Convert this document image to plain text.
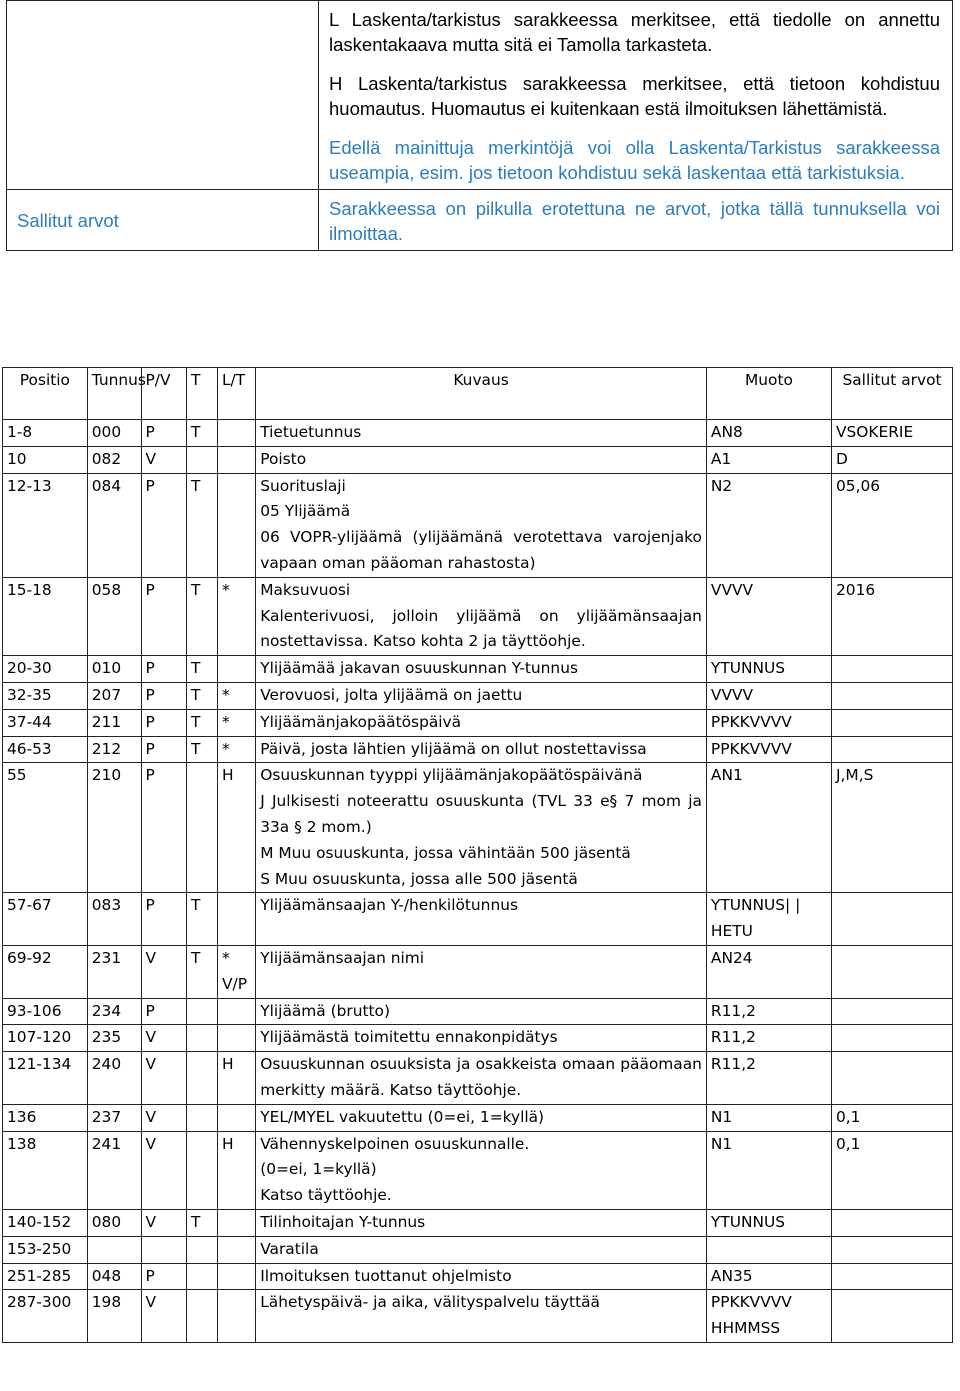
	L Laskenta/tarkistus sarakkeessa merkitsee, että tiedolle on annettu laskentakaava mutta sitä ei Tamolla tarkasteta.

H Laskenta/tarkistus sarakkeessa merkitsee, että tietoon kohdistuu huomautus. Huomautus ei kuitenkaan estä ilmoituksen lähettämistä.

Edellä mainittuja merkintöjä voi olla Laskenta/Tarkistus sarakkeessa useampia, esim. jos tietoon kohdistuu sekä laskentaa että tarkistuksia.

Sallitut arvot	Sarakkeessa on pilkulla erotettuna ne arvot, jotka tällä tunnuksella voi ilmoittaa.

Positio	Tunnus	P/V	T	L/T	Kuvaus	Muoto	Sallitut arvot
1-8	000	P	T		Tietuetunnus	AN8	VSOKERIE
10	082	V			Poisto	A1	D
12-13	084	P	T		Suorituslaji
05 Ylijäämä
06 VOPR-ylijäämä (ylijäämänä verotettava varojenjako vapaan oman pääoman rahastosta)	N2	05,06
15-18	058	P	T	*	Maksuvuosi
Kalenterivuosi, jolloin ylijäämä on ylijäämänsaajan nostettavissa. Katso kohta 2 ja täyttöohje.	VVVV	2016
20-30	010	P	T		Ylijäämää jakavan osuuskunnan Y-tunnus	YTUNNUS	
32-35	207	P	T	*	Verovuosi, jolta ylijäämä on jaettu	VVVV	
37-44	211	P	T	*	Ylijäämänjakopäätöspäivä	PPKKVVVV	
46-53	212	P	T	*	Päivä, josta lähtien ylijäämä on ollut nostettavissa	PPKKVVVV	
55	210	P		H	Osuuskunnan tyyppi ylijäämänjakopäätöspäivänä
J Julkisesti noteerattu osuuskunta (TVL 33 e§ 7 mom ja 33a § 2 mom.)
M Muu osuuskunta, jossa vähintään 500 jäsentä
S Muu osuuskunta, jossa alle 500 jäsentä	AN1	J,M,S
57-67	083	P	T		Ylijäämänsaajan Y-/henkilötunnus	YTUNNUS| | HETU	
69-92	231	V	T	* V/P	Ylijäämänsaajan nimi	AN24	
93-106	234	P			Ylijäämä (brutto)	R11,2	
107-120	235	V			Ylijäämästä toimitettu ennakonpidätys	R11,2	
121-134	240	V		H	Osuuskunnan osuuksista ja osakkeista omaan pääomaan merkitty määrä. Katso täyttöohje.	R11,2	
136	237	V			YEL/MYEL vakuutettu (0=ei, 1=kyllä)	N1	0,1
138	241	V		H	Vähennyskelpoinen osuuskunnalle.
(0=ei, 1=kyllä)
Katso täyttöohje.	N1	0,1
140-152	080	V	T		Tilinhoitajan Y-tunnus	YTUNNUS	
153-250					Varatila		

251-285	048	P			Ilmoituksen tuottanut ohjelmisto	AN35	
287-300	198	V			Lähetyspäivä- ja aika, välityspalvelu täyttää	PPKKVVVV HHMMSS	
